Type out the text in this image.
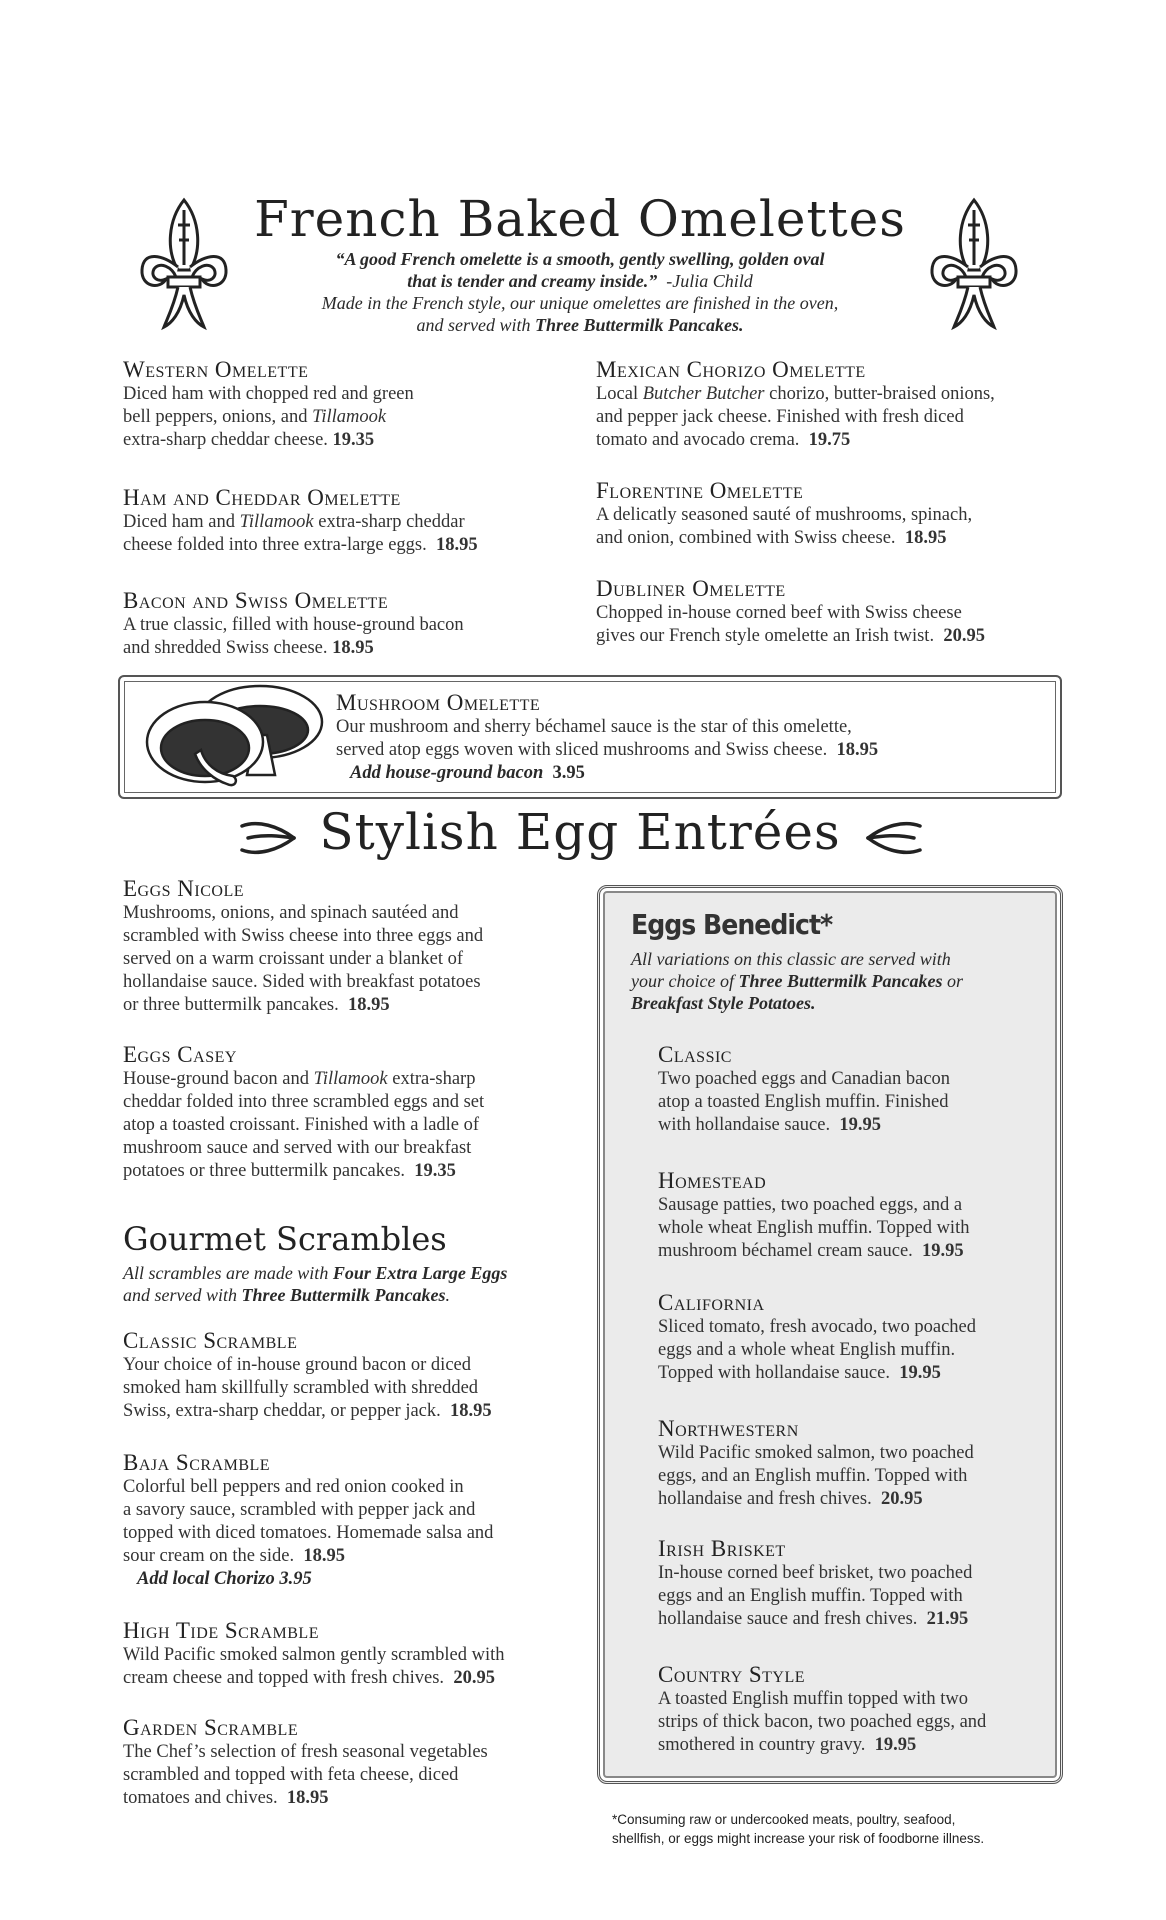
French Baked Omelettes
“A good French omelette is a smooth, gently swelling, golden oval
that is tender and creamy inside.” -Julia Child
Made in the French style, our unique omelettes are finished in the oven,
and served with Three Buttermilk Pancakes.
Western Omelette
Diced ham with chopped red and green
bell peppers, onions, and Tillamook
extra-sharp cheddar cheese. 19.35
Ham and Cheddar Omelette
Diced ham and Tillamook extra-sharp cheddar
cheese folded into three extra-large eggs. 18.95
Bacon and Swiss Omelette
A true classic, filled with house-ground bacon
and shredded Swiss cheese. 18.95
Mexican Chorizo Omelette
Local Butcher Butcher chorizo, butter-braised onions,
and pepper jack cheese. Finished with fresh diced
tomato and avocado crema. 19.75
Florentine Omelette
A delicatly seasoned sauté of mushrooms, spinach,
and onion, combined with Swiss cheese. 18.95
Dubliner Omelette
Chopped in-house corned beef with Swiss cheese
gives our French style omelette an Irish twist. 20.95
Mushroom Omelette
Our mushroom and sherry béchamel sauce is the star of this omelette,
served atop eggs woven with sliced mushrooms and Swiss cheese. 18.95
Add house-ground bacon 3.95
Stylish Egg Entrées
Eggs Nicole
Mushrooms, onions, and spinach sautéed and
scrambled with Swiss cheese into three eggs and
served on a warm croissant under a blanket of
hollandaise sauce. Sided with breakfast potatoes
or three buttermilk pancakes. 18.95
Eggs Casey
House-ground bacon and Tillamook extra-sharp
cheddar folded into three scrambled eggs and set
atop a toasted croissant. Finished with a ladle of
mushroom sauce and served with our breakfast
potatoes or three buttermilk pancakes. 19.35
Gourmet Scrambles
All scrambles are made with Four Extra Large Eggs
and served with Three Buttermilk Pancakes.
Classic Scramble
Your choice of in-house ground bacon or diced
smoked ham skillfully scrambled with shredded
Swiss, extra-sharp cheddar, or pepper jack. 18.95
Baja Scramble
Colorful bell peppers and red onion cooked in
a savory sauce, scrambled with pepper jack and
topped with diced tomatoes. Homemade salsa and
sour cream on the side. 18.95
Add local Chorizo 3.95
High Tide Scramble
Wild Pacific smoked salmon gently scrambled with
cream cheese and topped with fresh chives. 20.95
Garden Scramble
The Chef’s selection of fresh seasonal vegetables
scrambled and topped with feta cheese, diced
tomatoes and chives. 18.95
Eggs Benedict*
All variations on this classic are served with
your choice of Three Buttermilk Pancakes or
Breakfast Style Potatoes.
Classic
Two poached eggs and Canadian bacon
atop a toasted English muffin. Finished
with hollandaise sauce. 19.95
Homestead
Sausage patties, two poached eggs, and a
whole wheat English muffin. Topped with
mushroom béchamel cream sauce. 19.95
California
Sliced tomato, fresh avocado, two poached
eggs and a whole wheat English muffin.
Topped with hollandaise sauce. 19.95
Northwestern
Wild Pacific smoked salmon, two poached
eggs, and an English muffin. Topped with
hollandaise and fresh chives. 20.95
Irish Brisket
In-house corned beef brisket, two poached
eggs and an English muffin. Topped with
hollandaise sauce and fresh chives. 21.95
Country Style
A toasted English muffin topped with two
strips of thick bacon, two poached eggs, and
smothered in country gravy. 19.95
*Consuming raw or undercooked meats, poultry, seafood,
shellfish, or eggs might increase your risk of foodborne illness.
